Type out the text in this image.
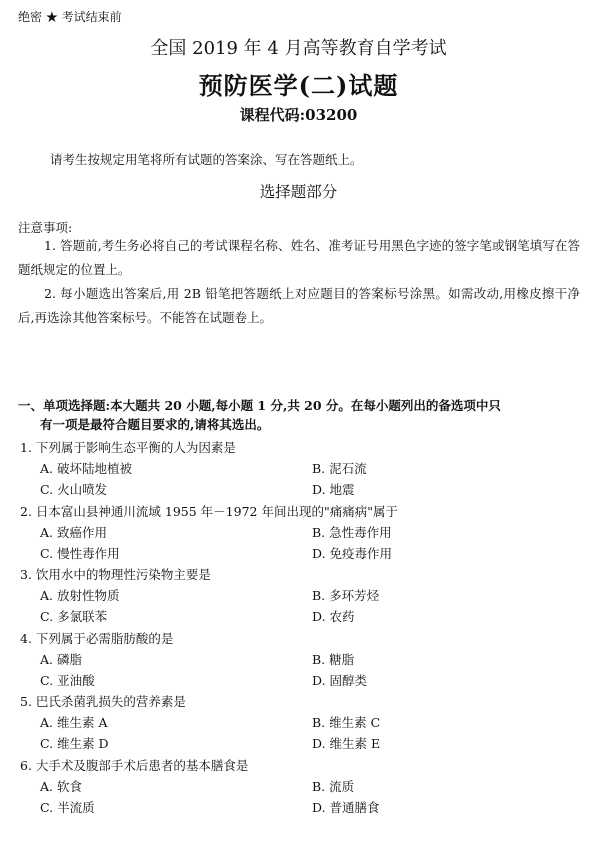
绝密 ★ 考试结束前
全国 2019 年 4 月高等教育自学考试
预防医学(二)试题
课程代码:03200
请考生按规定用笔将所有试题的答案涂、写在答题纸上。
选择题部分
注意事项:
1. 答题前,考生务必将自己的考试课程名称、姓名、准考证号用黑色字迹的签字笔或钢笔填写在答题纸规定的位置上。
2. 每小题选出答案后,用 2B 铅笔把答题纸上对应题目的答案标号涂黑。如需改动,用橡皮擦干净后,再选涂其他答案标号。不能答在试题卷上。
一、单项选择题:本大题共 20 小题,每小题 1 分,共 20 分。在每小题列出的备选项中只
有一项是最符合题目要求的,请将其选出。
1. 下列属于影响生态平衡的人为因素是
A. 破坏陆地植被	B. 泥石流
C. 火山喷发	D. 地震
2. 日本富山县神通川流域 1955 年－1972 年间出现的"痛痛病"属于
A. 致癌作用	B. 急性毒作用
C. 慢性毒作用	D. 免疫毒作用
3. 饮用水中的物理性污染物主要是
A. 放射性物质	B. 多环芳烃
C. 多氯联苯	D. 农药
4. 下列属于必需脂肪酸的是
A. 磷脂	B. 糖脂
C. 亚油酸	D. 固醇类
5. 巴氏杀菌乳损失的营养素是
A. 维生素 A	B. 维生素 C
C. 维生素 D	D. 维生素 E
6. 大手术及腹部手术后患者的基本膳食是
A. 软食	B. 流质
C. 半流质	D. 普通膳食
